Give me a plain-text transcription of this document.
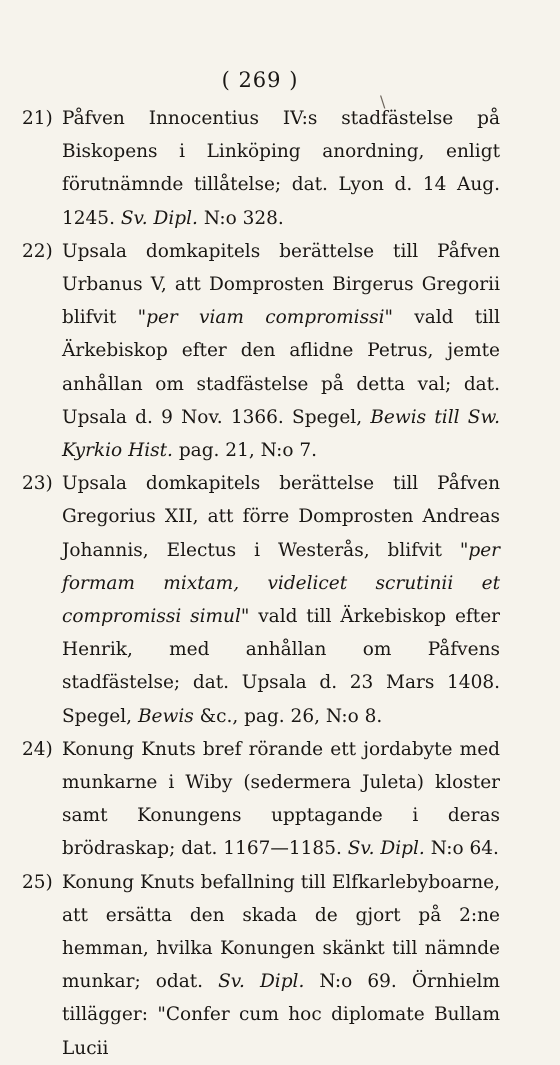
\
( 269 )
21) Påfven Innocentius IV:s stadfästelse på Biskopens i Linköping anordning, enligt förutnämnde tillåtelse; dat. Lyon d. 14 Aug. 1245. Sv. Dipl. N:o 328.
22) Upsala domkapitels berättelse till Påfven Urbanus V, att Domprosten Birgerus Gregorii blifvit "per viam compromissi" vald till Ärkebiskop efter den aflidne Petrus, jemte anhållan om stadfästelse på detta val; dat. Upsala d. 9 Nov. 1366. Spegel, Bewis till Sw. Kyrkio Hist. pag. 21, N:o 7.
23) Upsala domkapitels berättelse till Påfven Gregorius XII, att förre Domprosten Andreas Johannis, Electus i Westerås, blifvit "per formam mixtam, videlicet scrutinii et compromissi simul" vald till Ärkebiskop efter Henrik, med anhållan om Påfvens stadfästelse; dat. Upsala d. 23 Mars 1408. Spegel, Bewis &c., pag. 26, N:o 8.
24) Konung Knuts bref rörande ett jordabyte med munkarne i Wiby (sedermera Juleta) kloster samt Konungens upptagande i deras brödraskap; dat. 1167—1185. Sv. Dipl. N:o 64.
25) Konung Knuts befallning till Elfkarlebyboarne, att ersätta den skada de gjort på 2:ne hemman, hvilka Konungen skänkt till nämnde munkar; odat. Sv. Dipl. N:o 69. Örnhielm tillägger: "Confer cum hoc diplomate Bullam Lucii
